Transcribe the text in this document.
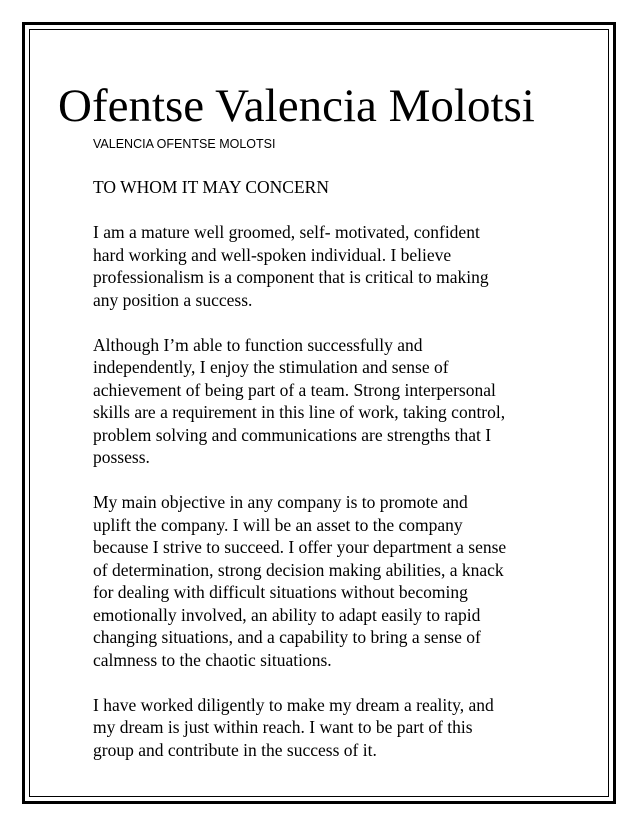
Ofentse Valencia Molotsi
VALENCIA OFENTSE MOLOTSI

TO WHOM IT MAY CONCERN

I am a mature well groomed, self- motivated, confident
hard working and well-spoken individual. I believe
professionalism is a component that is critical to making
any position a success.

Although I’m able to function successfully and
independently, I enjoy the stimulation and sense of
achievement of being part of a team. Strong interpersonal
skills are a requirement in this line of work, taking control,
problem solving and communications are strengths that I
possess.

My main objective in any company is to promote and
uplift the company. I will be an asset to the company
because I strive to succeed. I offer your department a sense
of determination, strong decision making abilities, a knack
for dealing with difficult situations without becoming
emotionally involved, an ability to adapt easily to rapid
changing situations, and a capability to bring a sense of
calmness to the chaotic situations.

I have worked diligently to make my dream a reality, and
my dream is just within reach. I want to be part of this
group and contribute in the success of it.
